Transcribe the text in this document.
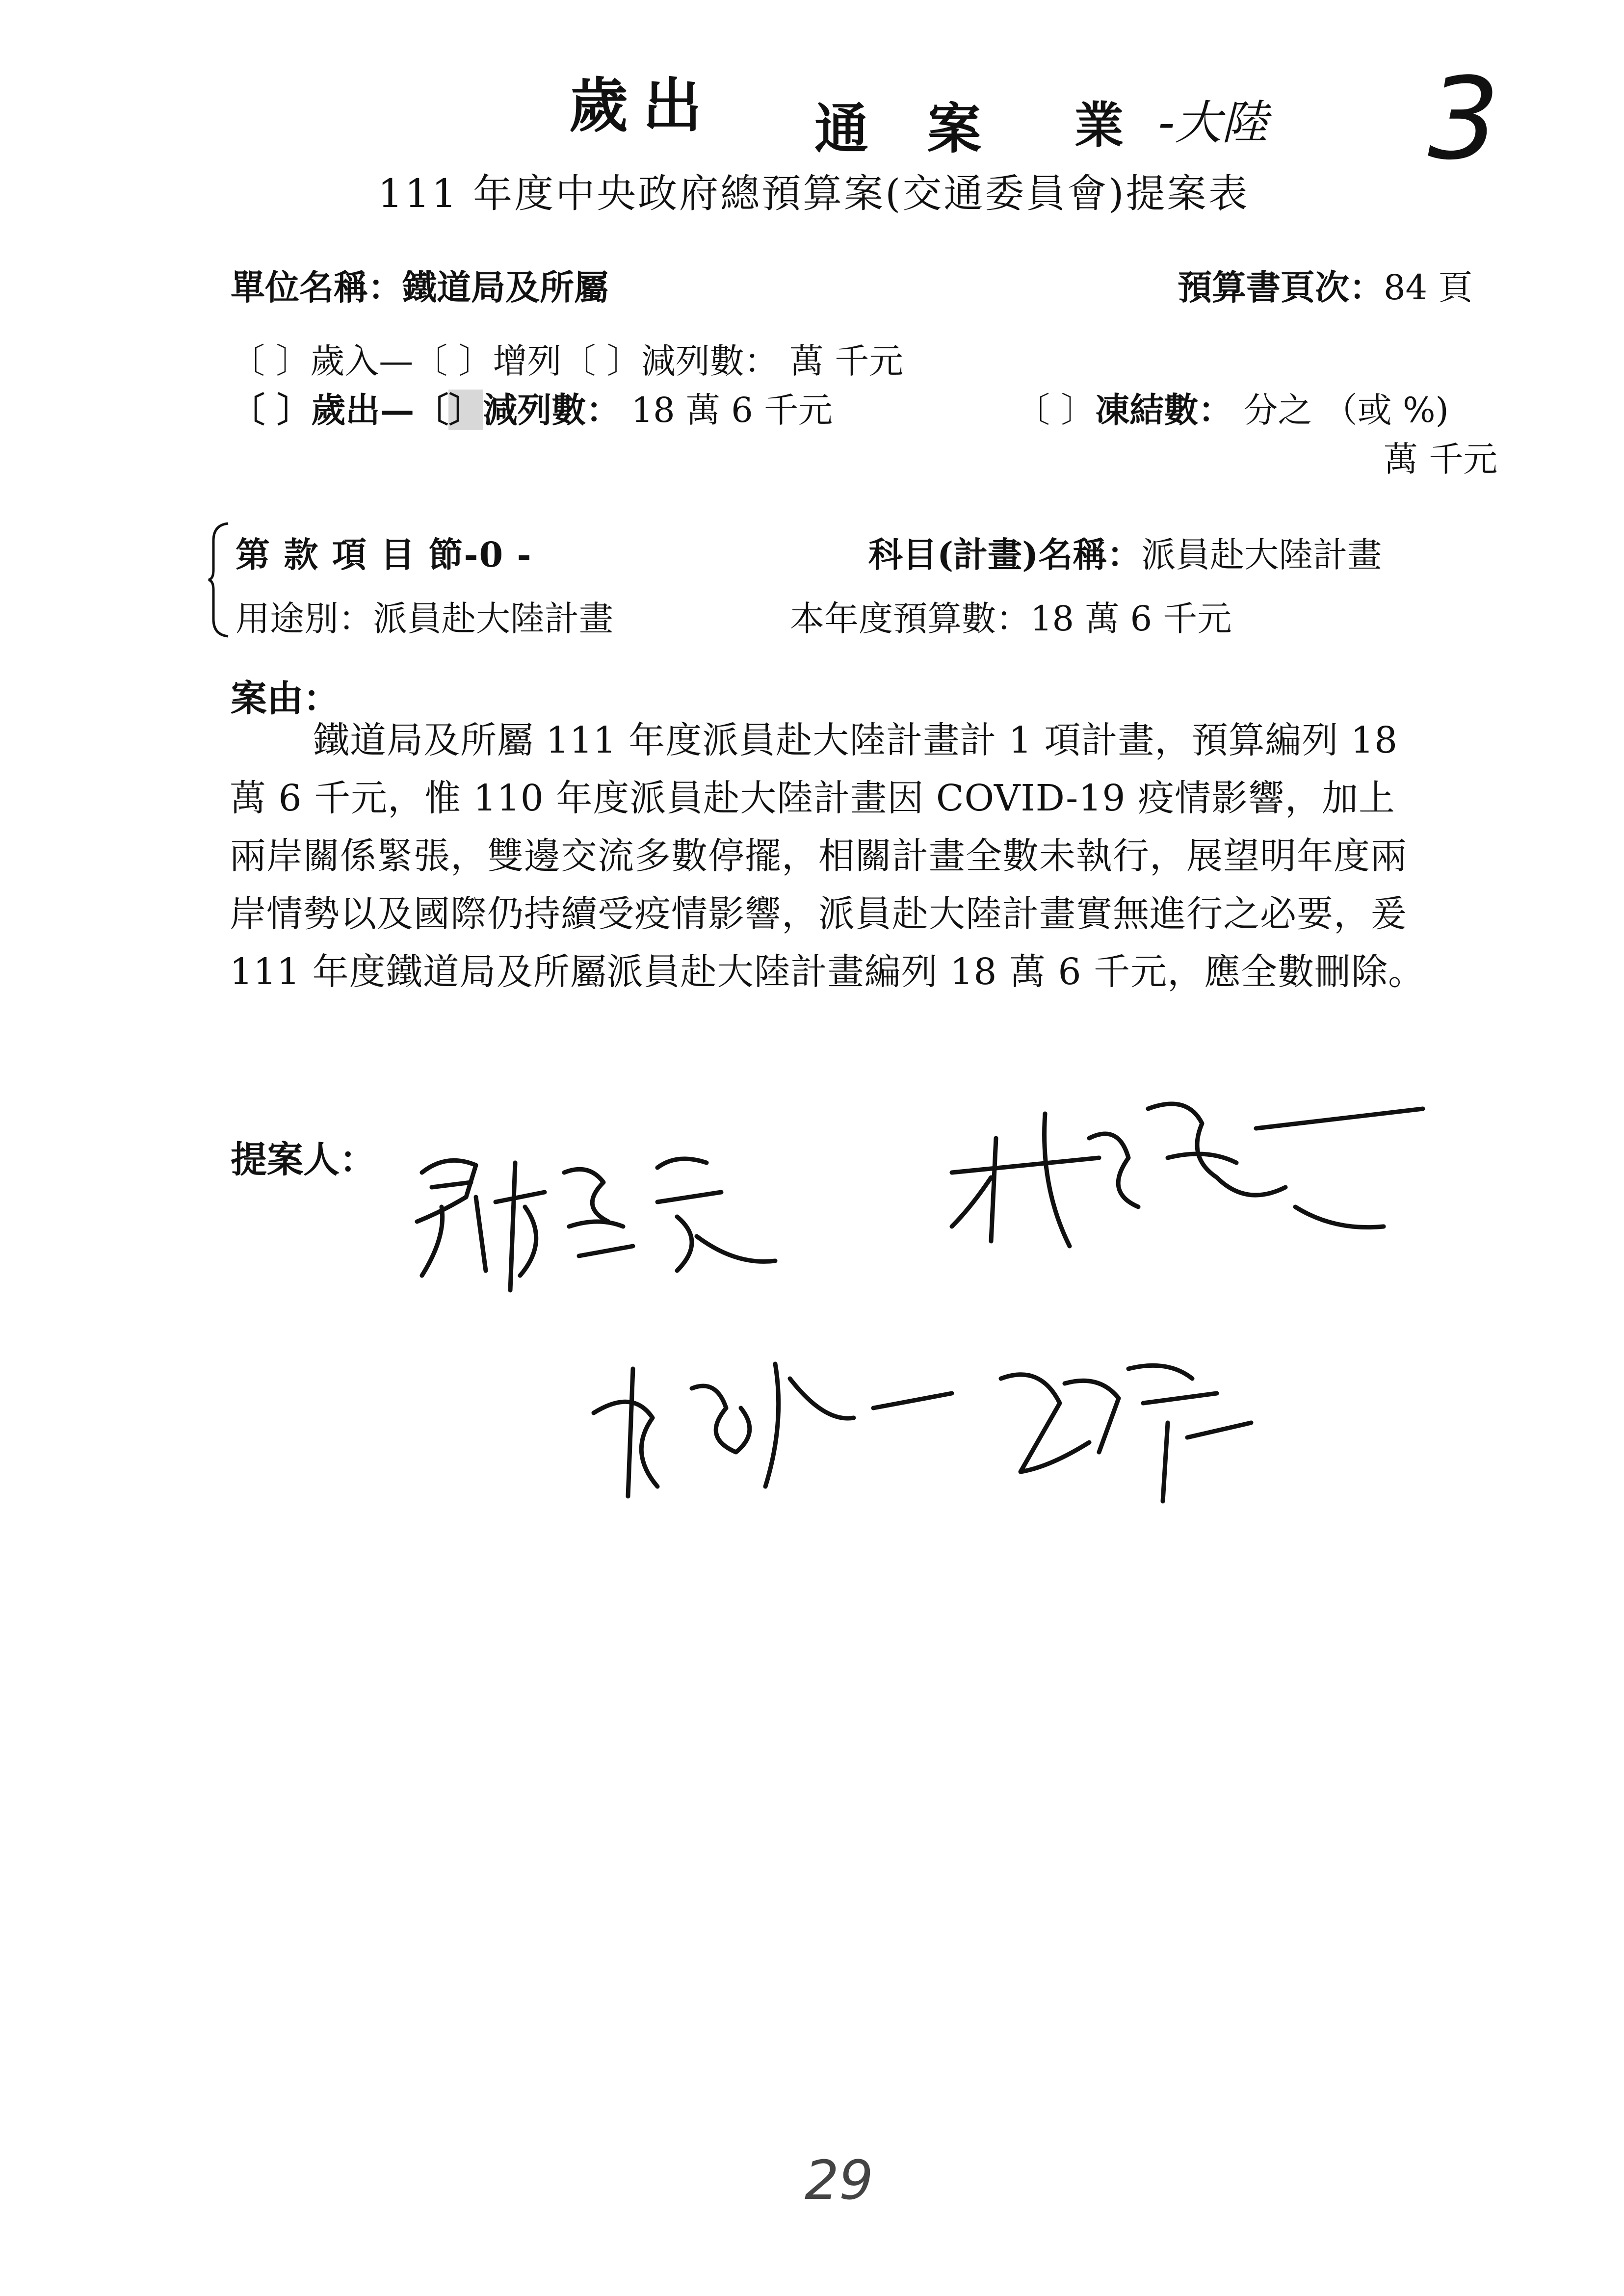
歲出 通案 業 -大陸 3
111 年度中央政府總預算案(交通委員會)提案表
單位名稱：鐵道局及所屬	預算書頁次：84 頁
〔 〕歲入—〔 〕增列〔 〕減列數： 萬 千元
〔 〕歲出—〔〕減列數： 18 萬 6 千元	〔 〕凍結數： 分之 （或 %)
萬 千元
第 款 項 目 節-0 -	科目(計畫)名稱：派員赴大陸計畫
用途別：派員赴大陸計畫	本年度預算數：18 萬 6 千元
案由：
鐵道局及所屬 111 年度派員赴大陸計畫計 1 項計畫，預算編列 18 萬 6 千元，惟 110 年度派員赴大陸計畫因 COVID-19 疫情影響，加上兩岸關係緊張，雙邊交流多數停擺，相關計畫全數未執行，展望明年度兩岸情勢以及國際仍持續受疫情影響，派員赴大陸計畫實無進行之必要，爰 111 年度鐵道局及所屬派員赴大陸計畫編列 18 萬 6 千元，應全數刪除。
提案人：
29
